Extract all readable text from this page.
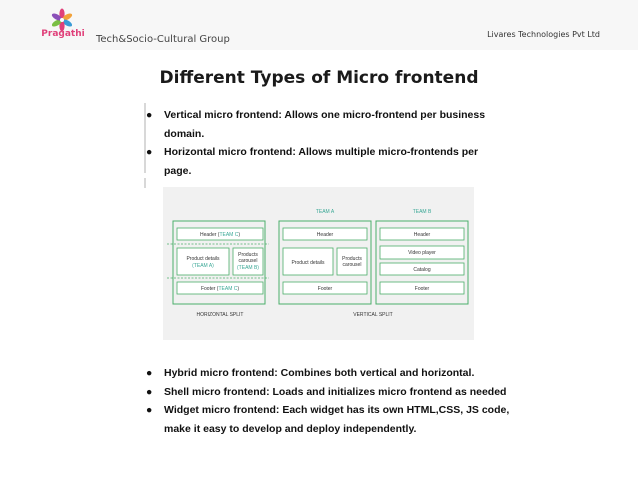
Pragathi	Tech&Socio-Cultural Group	Livares Technologies Pvt Ltd
Different Types of Micro frontend
● Vertical micro frontend: Allows one micro-frontend per business
domain.
● Horizontal micro frontend: Allows multiple micro-frontends per
page.
TEAM A	TEAM B
Header (TEAM C)
Product details
(TEAM A)
Products
carousel
(TEAM B)
Footer (TEAM C)
HORIZONTAL SPLIT
Header
Product details
Products
carousel
Footer
Header
Video player
Catalog
Footer
VERTICAL SPLIT
● Hybrid micro frontend: Combines both vertical and horizontal.
● Shell micro frontend: Loads and initializes micro frontend as needed
● Widget micro frontend: Each widget has its own HTML,CSS, JS code,
make it easy to develop and deploy independently.
